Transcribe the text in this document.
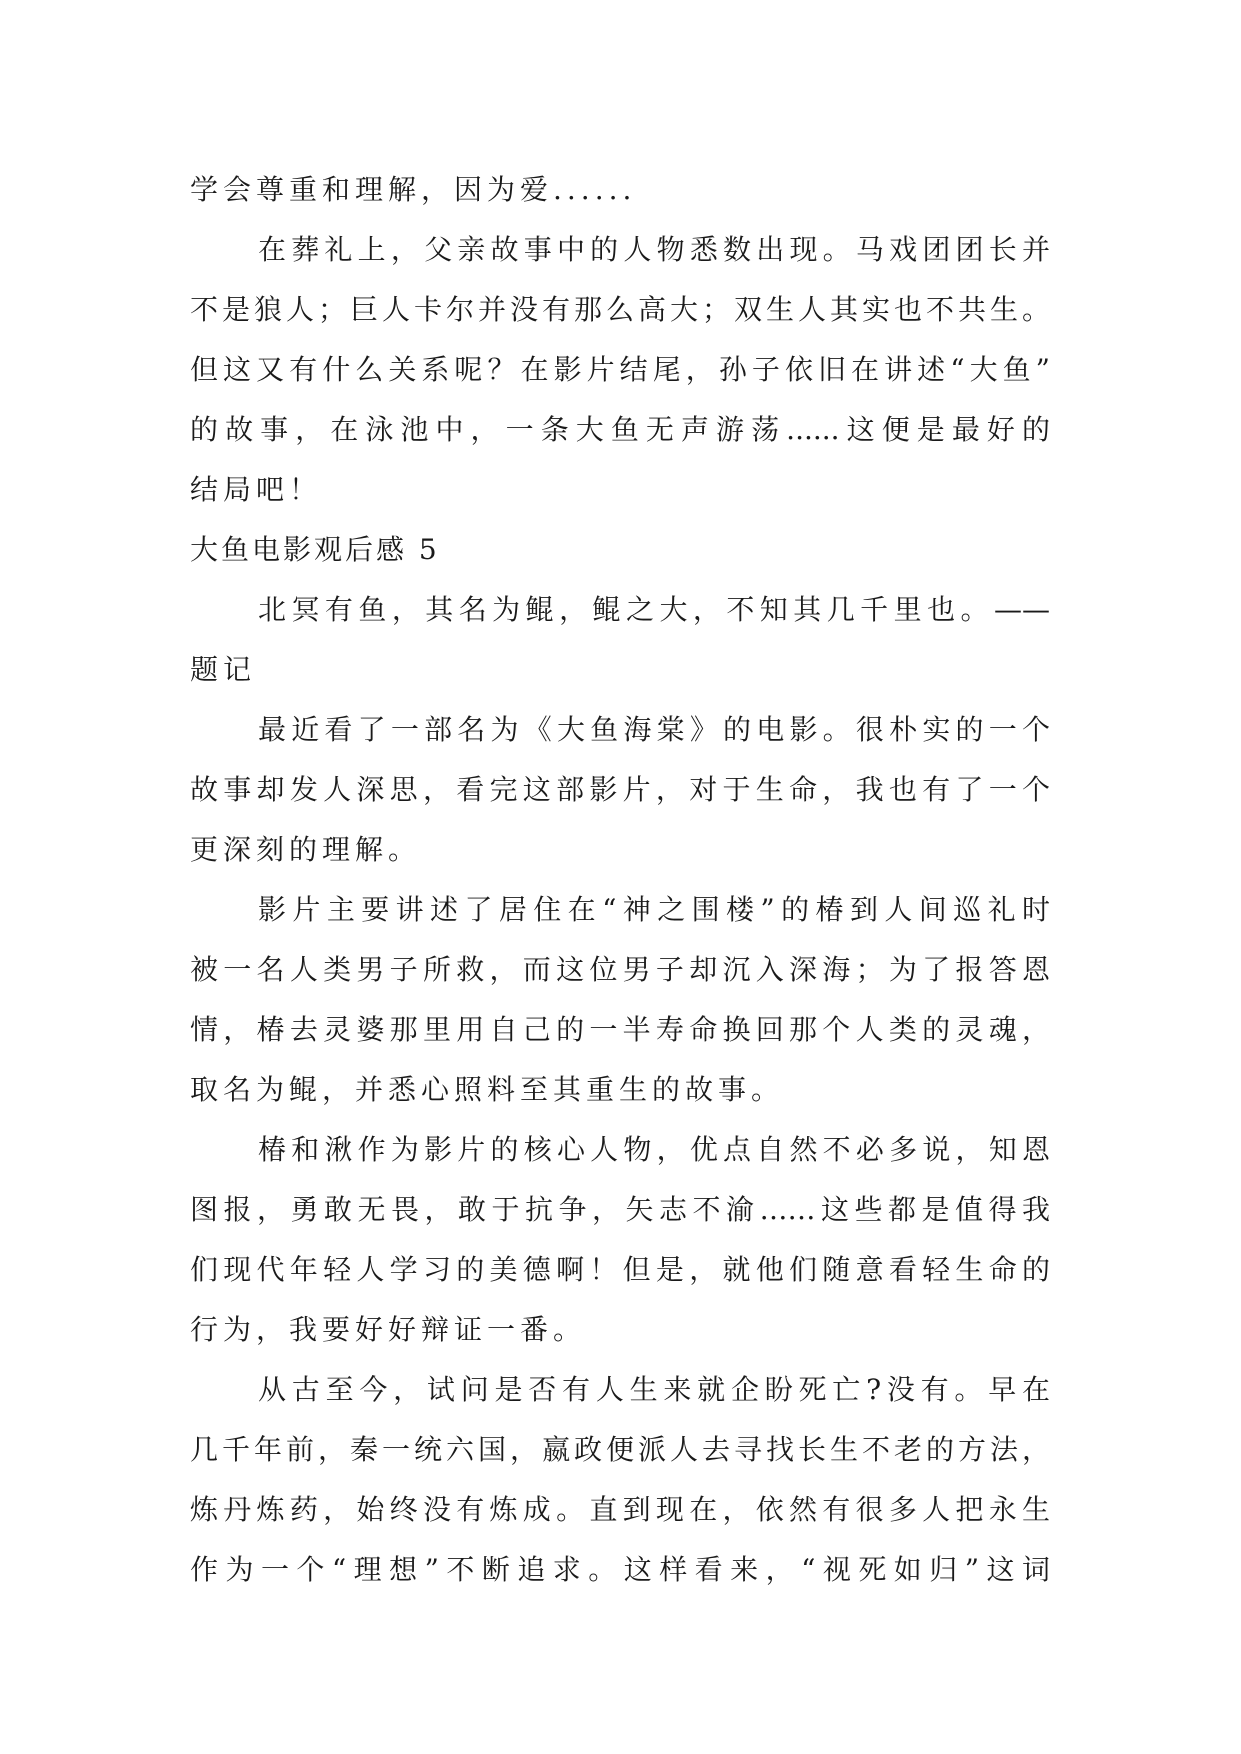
学会尊重和理解，因为爱......
在葬礼上，父亲故事中的人物悉数出现。马戏团团长并
不是狼人；巨人卡尔并没有那么高大；双生人其实也不共生。
但这又有什么关系呢？在影片结尾，孙子依旧在讲述“大鱼”
的故事，在泳池中，一条大鱼无声游荡......这便是最好的
结局吧！
大鱼电影观后感 5
北冥有鱼，其名为鲲，鲲之大，不知其几千里也。——
题记
最近看了一部名为《大鱼海棠》的电影。很朴实的一个
故事却发人深思，看完这部影片，对于生命，我也有了一个
更深刻的理解。
影片主要讲述了居住在“神之围楼”的椿到人间巡礼时
被一名人类男子所救，而这位男子却沉入深海；为了报答恩
情，椿去灵婆那里用自己的一半寿命换回那个人类的灵魂，
取名为鲲，并悉心照料至其重生的故事。
椿和湫作为影片的核心人物，优点自然不必多说，知恩
图报，勇敢无畏，敢于抗争，矢志不渝……这些都是值得我
们现代年轻人学习的美德啊！但是，就他们随意看轻生命的
行为，我要好好辩证一番。
从古至今，试问是否有人生来就企盼死亡?没有。早在
几千年前，秦一统六国，嬴政便派人去寻找长生不老的方法，
炼丹炼药，始终没有炼成。直到现在，依然有很多人把永生
作为一个“理想”不断追求。这样看来，“视死如归”这词
